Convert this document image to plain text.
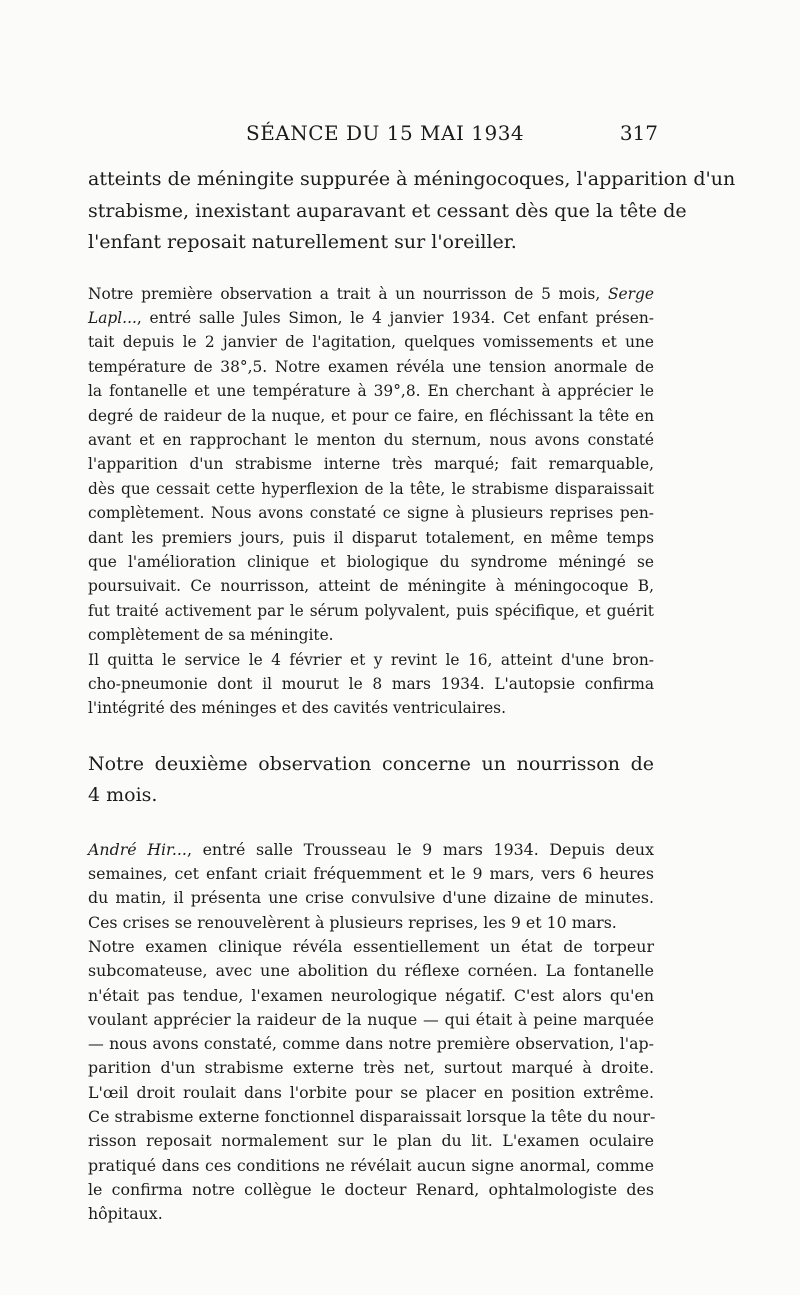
SÉANCE DU 15 MAI 1934	317
atteints de méningite suppurée à méningocoques, l'apparition d'un
strabisme, inexistant auparavant et cessant dès que la tête de
l'enfant reposait naturellement sur l'oreiller.
Notre première observation a trait à un nourrisson de 5 mois, Serge
Lapl..., entré salle Jules Simon, le 4 janvier 1934. Cet enfant présen-
tait depuis le 2 janvier de l'agitation, quelques vomissements et une
température de 38°,5. Notre examen révéla une tension anormale de
la fontanelle et une température à 39°,8. En cherchant à apprécier le
degré de raideur de la nuque, et pour ce faire, en fléchissant la tête en
avant et en rapprochant le menton du sternum, nous avons constaté
l'apparition d'un strabisme interne très marqué; fait remarquable,
dès que cessait cette hyperflexion de la tête, le strabisme disparaissait
complètement. Nous avons constaté ce signe à plusieurs reprises pen-
dant les premiers jours, puis il disparut totalement, en même temps
que l'amélioration clinique et biologique du syndrome méningé se
poursuivait. Ce nourrisson, atteint de méningite à méningocoque B,
fut traité activement par le sérum polyvalent, puis spécifique, et guérit
complètement de sa méningite.
Il quitta le service le 4 février et y revint le 16, atteint d'une bron-
cho-pneumonie dont il mourut le 8 mars 1934. L'autopsie confirma
l'intégrité des méninges et des cavités ventriculaires.
Notre deuxième observation concerne un nourrisson de
4 mois.
André Hir..., entré salle Trousseau le 9 mars 1934. Depuis deux
semaines, cet enfant criait fréquemment et le 9 mars, vers 6 heures
du matin, il présenta une crise convulsive d'une dizaine de minutes.
Ces crises se renouvelèrent à plusieurs reprises, les 9 et 10 mars.
Notre examen clinique révéla essentiellement un état de torpeur
subcomateuse, avec une abolition du réflexe cornéen. La fontanelle
n'était pas tendue, l'examen neurologique négatif. C'est alors qu'en
voulant apprécier la raideur de la nuque — qui était à peine marquée
— nous avons constaté, comme dans notre première observation, l'ap-
parition d'un strabisme externe très net, surtout marqué à droite.
L'œil droit roulait dans l'orbite pour se placer en position extrême.
Ce strabisme externe fonctionnel disparaissait lorsque la tête du nour-
risson reposait normalement sur le plan du lit. L'examen oculaire
pratiqué dans ces conditions ne révélait aucun signe anormal, comme
le confirma notre collègue le docteur Renard, ophtalmologiste des
hôpitaux.
